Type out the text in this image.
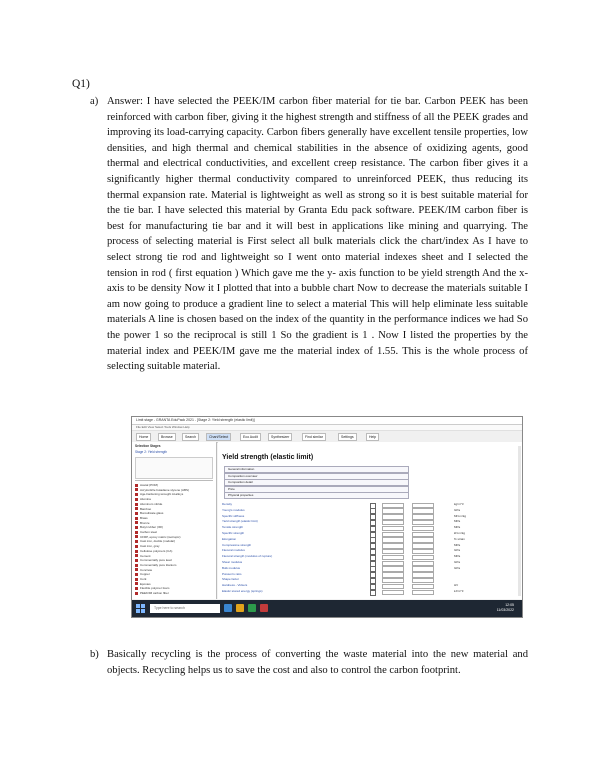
Q1)
a) Answer: I have selected the PEEK/IM carbon fiber material for tie bar. Carbon PEEK has been reinforced with carbon fiber, giving it the highest strength and stiffness of all the PEEK grades and improving its load-carrying capacity. Carbon fibers generally have excellent tensile properties, low densities, and high thermal and chemical stabilities in the absence of oxidizing agents, good thermal and electrical conductivities, and excellent creep resistance. The carbon fiber gives it a significantly higher thermal conductivity compared to unreinforced PEEK, thus reducing its thermal expansion rate. Material is lightweight as well as strong so it is best suitable material for the tie bar. I have selected this material by Granta Edu pack software. PEEK/IM carbon fiber is best for manufacturing tie bar and it will best in applications like mining and quarrying. The process of selecting material is First select all bulk materials click the chart/index As I have to select strong tie rod and lightweight so I went onto material indexes sheet and I selected the tension in rod ( first equation ) Which gave me the y- axis function to be yield strength And the x- axis to be density Now it I plotted that into a bubble chart Now to decrease the materials suitable I am now going to produce a gradient line to select a material This will help eliminate less suitable materials A line is chosen based on the index of the quantity in the performance indices we had So the power 1 so the reciprocal is still 1 So the gradient is 1 . Now I listed the properties by the material index and PEEK/IM gave me the material index of 1.55. This is the whole process of selecting suitable material.
Limit stage - GRANTA EduPack 2021 - [Stage 2: Yield strength (elastic limit)]
File Edit View Select Tools Window Help
Home	Browse	Search	Chart/Select	Eco Audit	Synthesizer	Find similar	Settings	Help
Selection Stages
Stage 2: Yield strength
Acetal (POM)
Acrylonitrile butadiene styrene (ABS)
Age-hardening wrought Al-alloys
Alumina
Aluminum nitride
Bamboo
Borosilicate glass
Brass
Bronze
Butyl rubber (IIR)
Carbon steel
CFRP, epoxy matrix (isotropic)
Cast iron, ductile (nodular)
Cast iron, gray
Cellulose polymers (CA)
Cement
Commercially pure lead
Commercially pure titanium
Concrete
Copper
Cork
Epoxies
Flexible polymer foam
PEEK/IM carbon fiber
Yield strength (elastic limit)
General information
Composition overview
Composition detail
Price
Physical properties
Density	kg/m^3
Young's modulus	GPa
Specific stiffness	MN.m/kg
Yield strength (elastic limit)	MPa
Tensile strength	MPa
Specific strength	kN.m/kg
Elongation	% strain
Compressive strength	MPa
Flexural modulus	GPa
Flexural strength (modulus of rupture)	MPa
Shear modulus	GPa
Bulk modulus	GPa
Poisson's ratio
Shape factor
Hardness - Vickers	HV
Elastic stored energy (springs)	kJ/m^3
Type here to search
12:05
11/03/2022
b) Basically recycling is the process of converting the waste material into the new material and objects. Recycling helps us to save the cost and also to control the carbon footprint.
